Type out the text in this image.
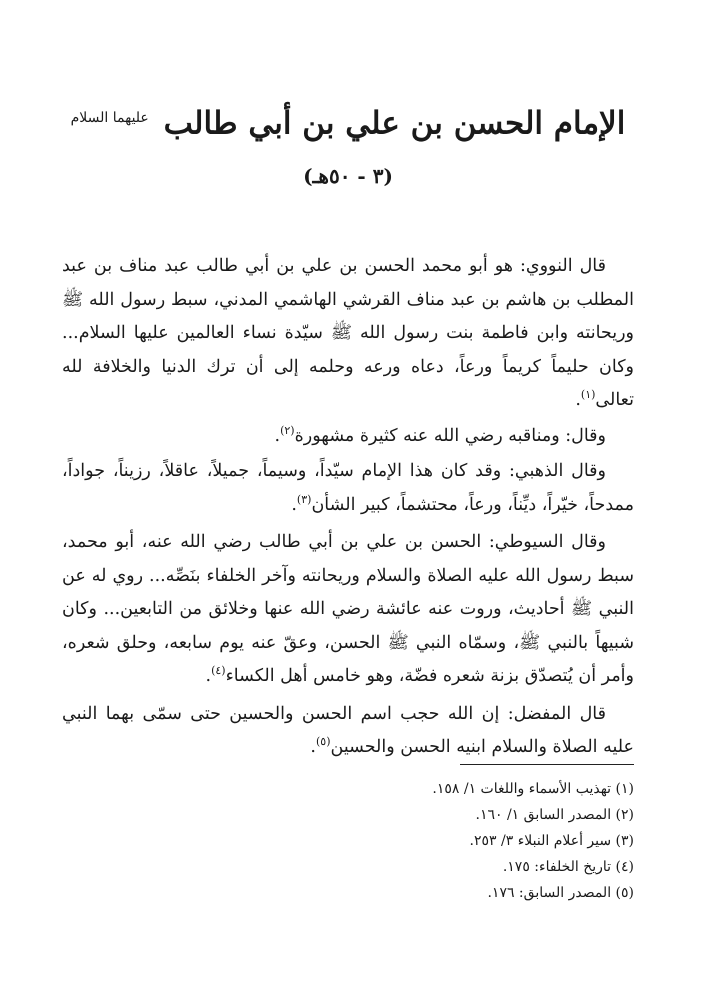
الإمام الحسن بن علي بن أبي طالب $^{عليهما السلام}$
(٣ - ٥٠هـ)

قال النووي: هو أبو محمد الحسن بن علي بن أبي طالب عبد مناف بن عبد المطلب بن هاشم بن عبد مناف القرشي الهاشمي المدني، سبط رسول الله ﷺ وريحانته وابن فاطمة بنت رسول الله ﷺ سيّدة نساء العالمين عليها السلام... وكان حليماً كريماً ورعاً، دعاه ورعه وحلمه إلى أن ترك الدنيا والخلافة لله تعالى$^{(١)}$.

وقال: ومناقبه رضي الله عنه كثيرة مشهورة$^{(٢)}$.

وقال الذهبي: وقد كان هذا الإمام سيّداً، وسيماً، جميلاً، عاقلاً، رزيناً، جواداً، ممدحاً، خيّراً، ديِّناً، ورعاً، محتشماً، كبير الشأن$^{(٣)}$.

وقال السيوطي: الحسن بن علي بن أبي طالب رضي الله عنه، أبو محمد، سبط رسول الله عليه الصلاة والسلام وريحانته وآخر الخلفاء بنَصِّه... روي له عن النبي ﷺ أحاديث، وروت عنه عائشة رضي الله عنها وخلائق من التابعين... وكان شبيهاً بالنبي ﷺ، وسمّاه النبي ﷺ الحسن، وعقّ عنه يوم سابعه، وحلق شعره، وأمر أن يُتصدّق بزنة شعره فضّة، وهو خامس أهل الكساء$^{(٤)}$.

قال المفضل: إن الله حجب اسم الحسن والحسين حتى سمّى بهما النبي عليه الصلاة والسلام ابنيه الحسن والحسين$^{(٥)}$.

(١) تهذيب الأسماء واللغات ١/ ١٥٨.
(٢) المصدر السابق ١/ ١٦٠.
(٣) سير أعلام النبلاء ٣/ ٢٥٣.
(٤) تاريخ الخلفاء: ١٧٥.
(٥) المصدر السابق: ١٧٦.
